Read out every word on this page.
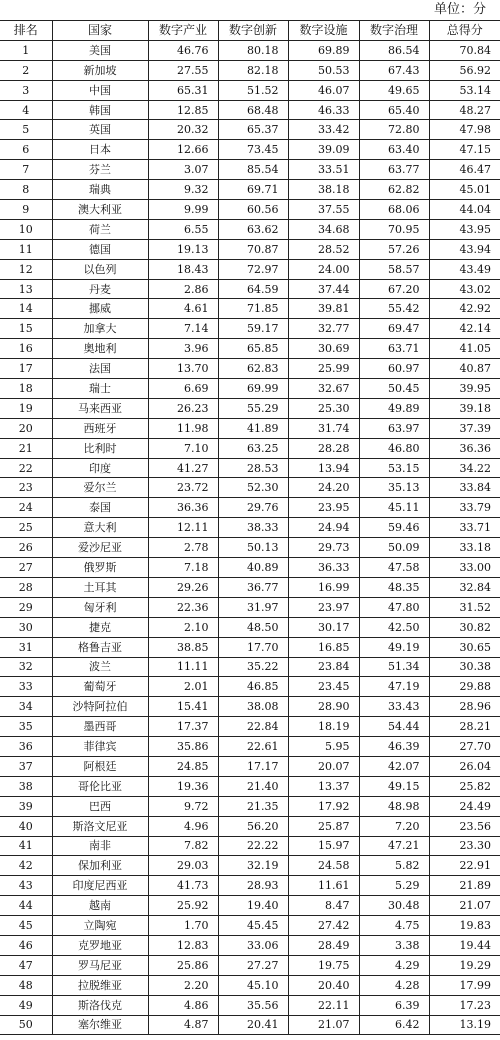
单位：分
排名	国家	数字产业	数字创新	数字设施	数字治理	总得分
1	美国	46.76	80.18	69.89	86.54	70.84
2	新加坡	27.55	82.18	50.53	67.43	56.92
3	中国	65.31	51.52	46.07	49.65	53.14
4	韩国	12.85	68.48	46.33	65.40	48.27
5	英国	20.32	65.37	33.42	72.80	47.98
6	日本	12.66	73.45	39.09	63.40	47.15
7	芬兰	3.07	85.54	33.51	63.77	46.47
8	瑞典	9.32	69.71	38.18	62.82	45.01
9	澳大利亚	9.99	60.56	37.55	68.06	44.04
10	荷兰	6.55	63.62	34.68	70.95	43.95
11	德国	19.13	70.87	28.52	57.26	43.94
12	以色列	18.43	72.97	24.00	58.57	43.49
13	丹麦	2.86	64.59	37.44	67.20	43.02
14	挪威	4.61	71.85	39.81	55.42	42.92
15	加拿大	7.14	59.17	32.77	69.47	42.14
16	奥地利	3.96	65.85	30.69	63.71	41.05
17	法国	13.70	62.83	25.99	60.97	40.87
18	瑞士	6.69	69.99	32.67	50.45	39.95
19	马来西亚	26.23	55.29	25.30	49.89	39.18
20	西班牙	11.98	41.89	31.74	63.97	37.39
21	比利时	7.10	63.25	28.28	46.80	36.36
22	印度	41.27	28.53	13.94	53.15	34.22
23	爱尔兰	23.72	52.30	24.20	35.13	33.84
24	泰国	36.36	29.76	23.95	45.11	33.79
25	意大利	12.11	38.33	24.94	59.46	33.71
26	爱沙尼亚	2.78	50.13	29.73	50.09	33.18
27	俄罗斯	7.18	40.89	36.33	47.58	33.00
28	土耳其	29.26	36.77	16.99	48.35	32.84
29	匈牙利	22.36	31.97	23.97	47.80	31.52
30	捷克	2.10	48.50	30.17	42.50	30.82
31	格鲁吉亚	38.85	17.70	16.85	49.19	30.65
32	波兰	11.11	35.22	23.84	51.34	30.38
33	葡萄牙	2.01	46.85	23.45	47.19	29.88
34	沙特阿拉伯	15.41	38.08	28.90	33.43	28.96
35	墨西哥	17.37	22.84	18.19	54.44	28.21
36	菲律宾	35.86	22.61	5.95	46.39	27.70
37	阿根廷	24.85	17.17	20.07	42.07	26.04
38	哥伦比亚	19.36	21.40	13.37	49.15	25.82
39	巴西	9.72	21.35	17.92	48.98	24.49
40	斯洛文尼亚	4.96	56.20	25.87	7.20	23.56
41	南非	7.82	22.22	15.97	47.21	23.30
42	保加利亚	29.03	32.19	24.58	5.82	22.91
43	印度尼西亚	41.73	28.93	11.61	5.29	21.89
44	越南	25.92	19.40	8.47	30.48	21.07
45	立陶宛	1.70	45.45	27.42	4.75	19.83
46	克罗地亚	12.83	33.06	28.49	3.38	19.44
47	罗马尼亚	25.86	27.27	19.75	4.29	19.29
48	拉脱维亚	2.20	45.10	20.40	4.28	17.99
49	斯洛伐克	4.86	35.56	22.11	6.39	17.23
50	塞尔维亚	4.87	20.41	21.07	6.42	13.19
